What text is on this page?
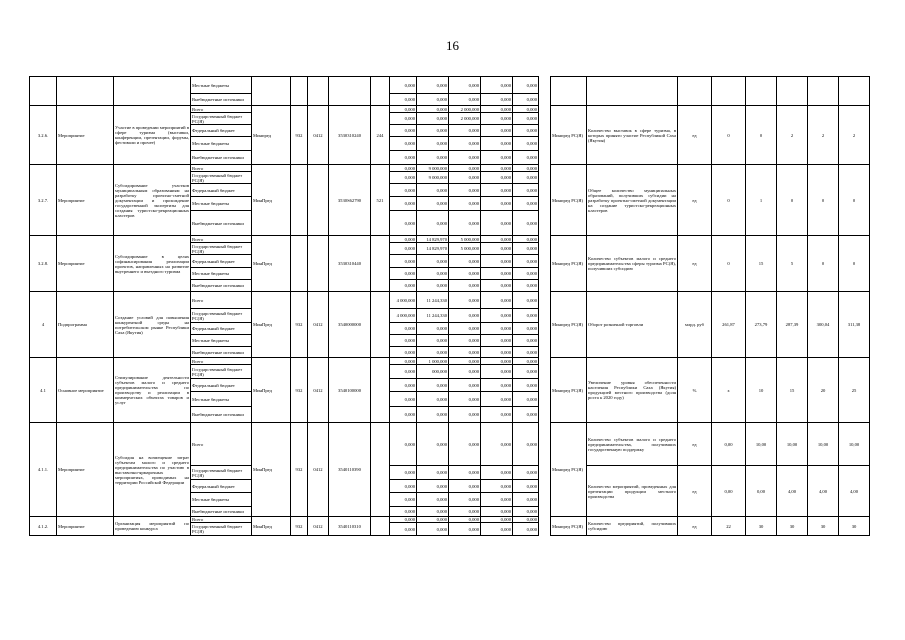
16
			Местные бюджеты						0,000	0,000	0,000	0,000	0,000									
			Внебюджетные источники						0,000	0,000	0,000	0,000	0,000									
3.2.6.	Мероприятие	Участие в проведении мероприятий в сфере туризма (выставки, конференции, презентации, форумы, фестивали и прочее)	Всего	Минпред	932	0412	3530310240	244	0,000	0,000	2 000,000	0,000	0,000		Минпред РС(Я)	Количество выставок в сфере туризма, в которых принято участие Республикой Саха (Якутия)	ед	0	0	2	2	2
			Государственный бюджет РС(Я)						0,000	0,000	2 000,000	0,000	0,000									
			Федеральный бюджет						0,000	0,000	0,000	0,000	0,000									
			Местные бюджеты						0,000	0,000	0,000	0,000	0,000									
			Внебюджетные источники						0,000	0,000	0,000	0,000	0,000									
3.2.7.	Мероприятие	Субсидирование участков муниципальным образованиям на разработку проектно-сметной документации и прохождение государственной экспертизы для создания туристско-рекреационных кластеров	Всего	МинПред			3530S62790	521	0,000	9 000,000	0,000	0,000	0,000		Минпред РС(Я)	Общее количество муниципальных образований, получивших субсидии на разработку проектно-сметной документации на создание туристско-рекреационных кластеров	ед	0	1	0	0	0
			Государственный бюджет РС(Я)						0,000	9 000,000	0,000	0,000	0,000									
			Федеральный бюджет						0,000	0,000	0,000	0,000	0,000									
			Местные бюджеты						0,000	0,000	0,000	0,000	0,000									
			Внебюджетные источники						0,000	0,000	0,000	0,000	0,000									
3.2.8.	Мероприятие	Субсидирование в целях софинансирования реализации проектов, направленных на развитие внутреннего и въездного туризма	Всего	МинПред			3530310440		0,000	14 829,970	5 000,000	0,000	0,000		Минпред РС(Я)	Количество субъектов малого и среднего предпринимательства сферы туризма РС(Я), получивших субсидию	ед	0	15	5	0	0
			Государственный бюджет РС(Я)						0,000	14 829,970	5 000,000	0,000	0,000									
			Федеральный бюджет						0,000	0,000	0,000	0,000	0,000									
			Местные бюджеты						0,000	0,000	0,000	0,000	0,000									
			Внебюджетные источники						0,000	0,000	0,000	0,000	0,000									
4	Подпрограмма	Создание условий для повышения конкурентной среды на потребительском рынке Республики Саха (Якутия)	Всего	МинПред	932	0412	3540000000		4 000,000	11 244,330	0,000	0,000	0,000		Минпред РС(Я)	Оборот розничной торговли	млрд. руб	261,87	273,79	287,39	300,04	311,38
			Государственный бюджет РС(Я)						4 000,000	11 244,330	0,000	0,000	0,000									
			Федеральный бюджет						0,000	0,000	0,000	0,000	0,000									
			Местные бюджеты						0,000	0,000	0,000	0,000	0,000									
			Внебюджетные источники						0,000	0,000	0,000	0,000	0,000									
4.1	Основное мероприятие	Стимулирование деятельности субъектов малого и среднего предпринимательства по производству и реализации в коммерческих объектах товаров и услуг	Всего	МинПред	932	0412	3540100000		0,000	1 000,000	0,000	0,000	0,000		Минпред РС(Я)	Увеличение уровня обеспеченности населения Республики Саха (Якутия) продукцией местного производства (доля роста к 2020 году)	%	х	10	15	20	25
			Государственный бюджет РС(Я)						0,000	000,000	0,000	0,000	0,000									
			Федеральный бюджет						0,000	0,000	0,000	0,000	0,000									
			Местные бюджеты						0,000	0,000	0,000	0,000	0,000									
			Внебюджетные источники						0,000	0,000	0,000	0,000	0,000									
4.1.1.	Мероприятие	Субсидия на возмещение затрат субъектам малого и среднего предпринимательства по участию в выставочно-ярмарочных мероприятиях, проводимых на территории Российской Федерации	Всего	МинПред	932	0412	3540110390		0,000	0,000	0,000	0,000	0,000		Минпред РС(Я)	Количество субъектов малого и среднего предпринимательства, получивших государственную поддержку	ед	0,00	10,00	10,00	10,00	10,00
			Государственный бюджет РС(Я)						0,000	0,000	0,000	0,000	0,000			Количество мероприятий, проведенных для презентации продукции местного производства	ед	0,00	0,00	4,00	4,00	4,00
			Федеральный бюджет						0,000	0,000	0,000	0,000	0,000									
			Местные бюджеты						0,000	0,000	0,000	0,000	0,000									
			Внебюджетные источники						0,000	0,000	0,000	0,000	0,000									
4.1.2.	Мероприятие	Организация мероприятий по проведению конкурса	Всего	МинПред	932	0412	3540110310		0,000	0,000	0,000	0,000	0,000		Минпред РС(Я)	Количество предприятий, получивших субсидию	ед	22	30	30	30	30
			Государственный бюджет РС(Я)						0,000	0,000	0,000	0,000	0,000									
